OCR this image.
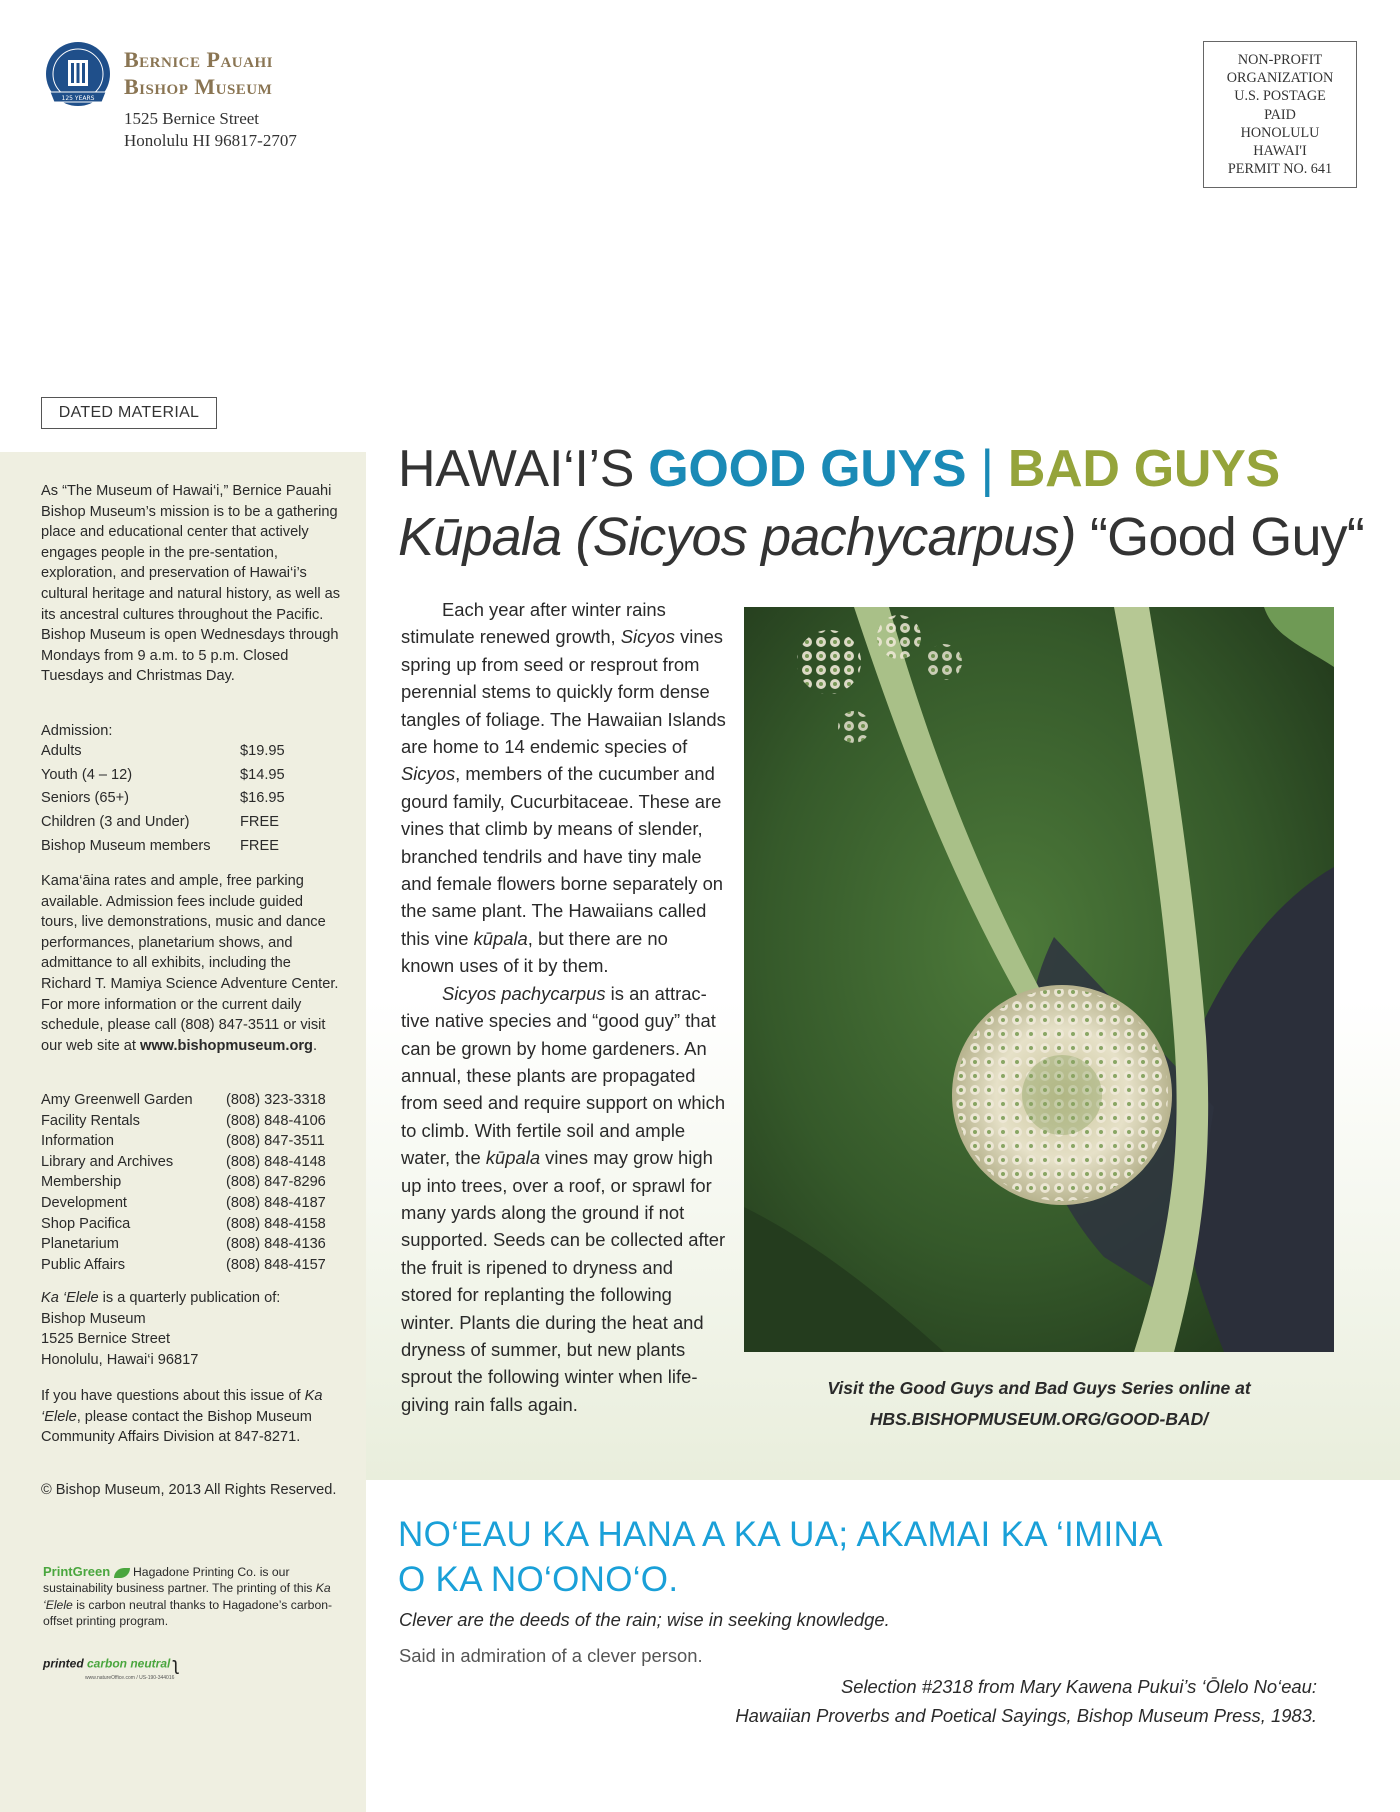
125 YEARS
Bernice Pauahi
Bishop Museum
1525 Bernice Street
Honolulu HI 96817-2707
NON-PROFIT
ORGANIZATION
U.S. POSTAGE
PAID
HONOLULU
HAWAI'I
PERMIT NO. 641
DATED MATERIAL
As “The Museum of Hawai‘i,” Bernice Pauahi Bishop Museum’s mission is to be a gathering place and educational center that actively engages people in the pre-sentation, exploration, and preservation of Hawai‘i’s cultural heritage and natural history, as well as its ancestral cultures throughout the Pacific. Bishop Museum is open Wednesdays through Mondays from 9 a.m. to 5 p.m. Closed Tuesdays and Christmas Day.
Admission:
Adults	$19.95
Youth (4 – 12)	$14.95
Seniors (65+)	$16.95
Children (3 and Under)	FREE
Bishop Museum members FREE
Kama‘āina rates and ample, free parking available. Admission fees include guided tours, live demonstrations, music and dance performances, planetarium shows, and admittance to all exhibits, including the Richard T. Mamiya Science Adventure Center. For more information or the current daily schedule, please call (808) 847-3511 or visit our web site at www.bishopmuseum.org.
Amy Greenwell Garden (808) 323-3318
Facility Rentals	(808) 848-4106
Information	(808) 847-3511
Library and Archives	(808) 848-4148
Membership	(808) 847-8296
Development	(808) 848-4187
Shop Pacifica	(808) 848-4158
Planetarium	(808) 848-4136
Public Affairs	(808) 848-4157
Ka ‘Elele is a quarterly publication of:
Bishop Museum
1525 Bernice Street
Honolulu, Hawai‘i 96817
If you have questions about this issue of Ka ‘Elele, please contact the Bishop Museum Community Affairs Division at 847-8271.
© Bishop Museum, 2013 All Rights Reserved.
PrintGreen Hagadone Printing Co. is our sustainability business partner. The printing of this Ka ‘Elele is carbon neutral thanks to Hagadone’s carbon-offset printing program.
printed carbon neutral ʅ
www.natureOffice.com / US-190-344016
HAWAI‘I’S GOOD GUYS | BAD GUYS
Kūpala (Sicyos pachycarpus) “Good Guy“

Each year after winter rains stimulate renewed growth, Sicyos vines spring up from seed or resprout from perennial stems to quickly form dense tangles of foliage. The Hawaiian Islands are home to 14 endemic species of Sicyos, members of the cucumber and gourd family, Cucurbitaceae. These are vines that climb by means of slender, branched tendrils and have tiny male and female flowers borne separately on the same plant. The Hawaiians called this vine kūpala, but there are no known uses of it by them.

Sicyos pachycarpus is an attrac-tive native species and “good guy” that can be grown by home gardeners. An annual, these plants are propagated from seed and require support on which to climb. With fertile soil and ample water, the kūpala vines may grow high up into trees, over a roof, or sprawl for many yards along the ground if not supported. Seeds can be collected after the fruit is ripened to dryness and stored for replanting the following winter. Plants die during the heat and dryness of summer, but new plants sprout the following winter when life-giving rain falls again.

Visit the Good Guys and Bad Guys Series online at
HBS.BISHOPMUSEUM.ORG/GOOD-BAD/
NO‘EAU KA HANA A KA UA; AKAMAI KA ‘IMINA
O KA NO‘ONO‘O.
Clever are the deeds of the rain; wise in seeking knowledge.
Said in admiration of a clever person.
Selection #2318 from Mary Kawena Pukui’s ‘Ōlelo No‘eau:
Hawaiian Proverbs and Poetical Sayings, Bishop Museum Press, 1983.
